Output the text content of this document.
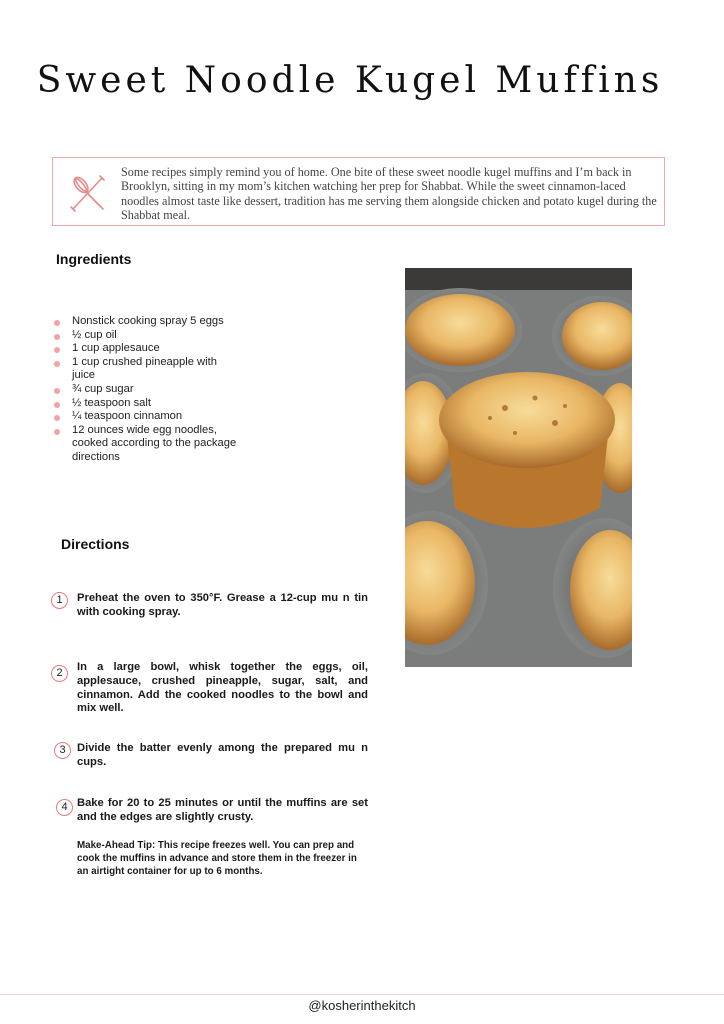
Sweet Noodle Kugel Muffins
Some recipes simply remind you of home. One bite of these sweet noodle kugel muffins and I’m back in Brooklyn, sitting in my mom’s kitchen watching her prep for Shabbat. While the sweet cinnamon-laced noodles almost taste like dessert, tradition has me serving them alongside chicken and potato kugel during the Shabbat meal.
Ingredients
Nonstick cooking spray 5 eggs
½ cup oil
1 cup applesauce
1 cup crushed pineapple with juice
¾ cup sugar
½ teaspoon salt
¼ teaspoon cinnamon
12 ounces wide egg noodles, cooked according to the package directions
Directions
1	Preheat the oven to 350°F. Grease a 12-cup mu n tin with cooking spray.
2	In a large bowl, whisk together the eggs, oil, applesauce, crushed pineapple, sugar, salt, and cinnamon. Add the cooked noodles to the bowl and mix well.
3	Divide the batter evenly among the prepared mu n cups.
4 Bake for 20 to 25 minutes or until the muffins are set and the edges are slightly crusty.
Make-Ahead Tip: This recipe freezes well. You can prep and cook the muffins in advance and store them in the freezer in an airtight container for up to 6 months.
@kosherinthekitch
